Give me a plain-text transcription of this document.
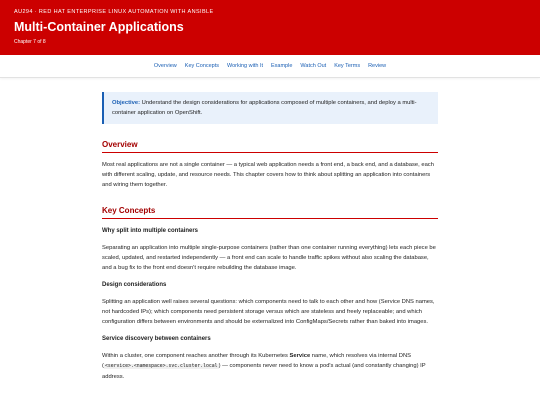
AU294 · RED HAT ENTERPRISE LINUX AUTOMATION WITH ANSIBLE
Multi-Container Applications
Chapter 7 of 8
Overview Key Concepts Working with It Example Watch Out Key Terms Review
Objective: Understand the design considerations for applications composed of multiple containers, and deploy a multi-container application on OpenShift.
Overview

Most real applications are not a single container — a typical web application needs a front end, a back end, and a database, each with different scaling, update, and resource needs. This chapter covers how to think about splitting an application into containers and wiring them together.

Key Concepts
Why split into multiple containers

Separating an application into multiple single-purpose containers (rather than one container running everything) lets each piece be scaled, updated, and restarted independently — a front end can scale to handle traffic spikes without also scaling the database, and a bug fix to the front end doesn't require rebuilding the database image.

Design considerations

Splitting an application well raises several questions: which components need to talk to each other and how (Service DNS names, not hardcoded IPs); which components need persistent storage versus which are stateless and freely replaceable; and which configuration differs between environments and should be externalized into ConfigMaps/Secrets rather than baked into images.

Service discovery between containers

Within a cluster, one component reaches another through its Kubernetes Service name, which resolves via internal DNS (<service>.<namespace>.svc.cluster.local) — components never need to know a pod's actual (and constantly changing) IP address.
